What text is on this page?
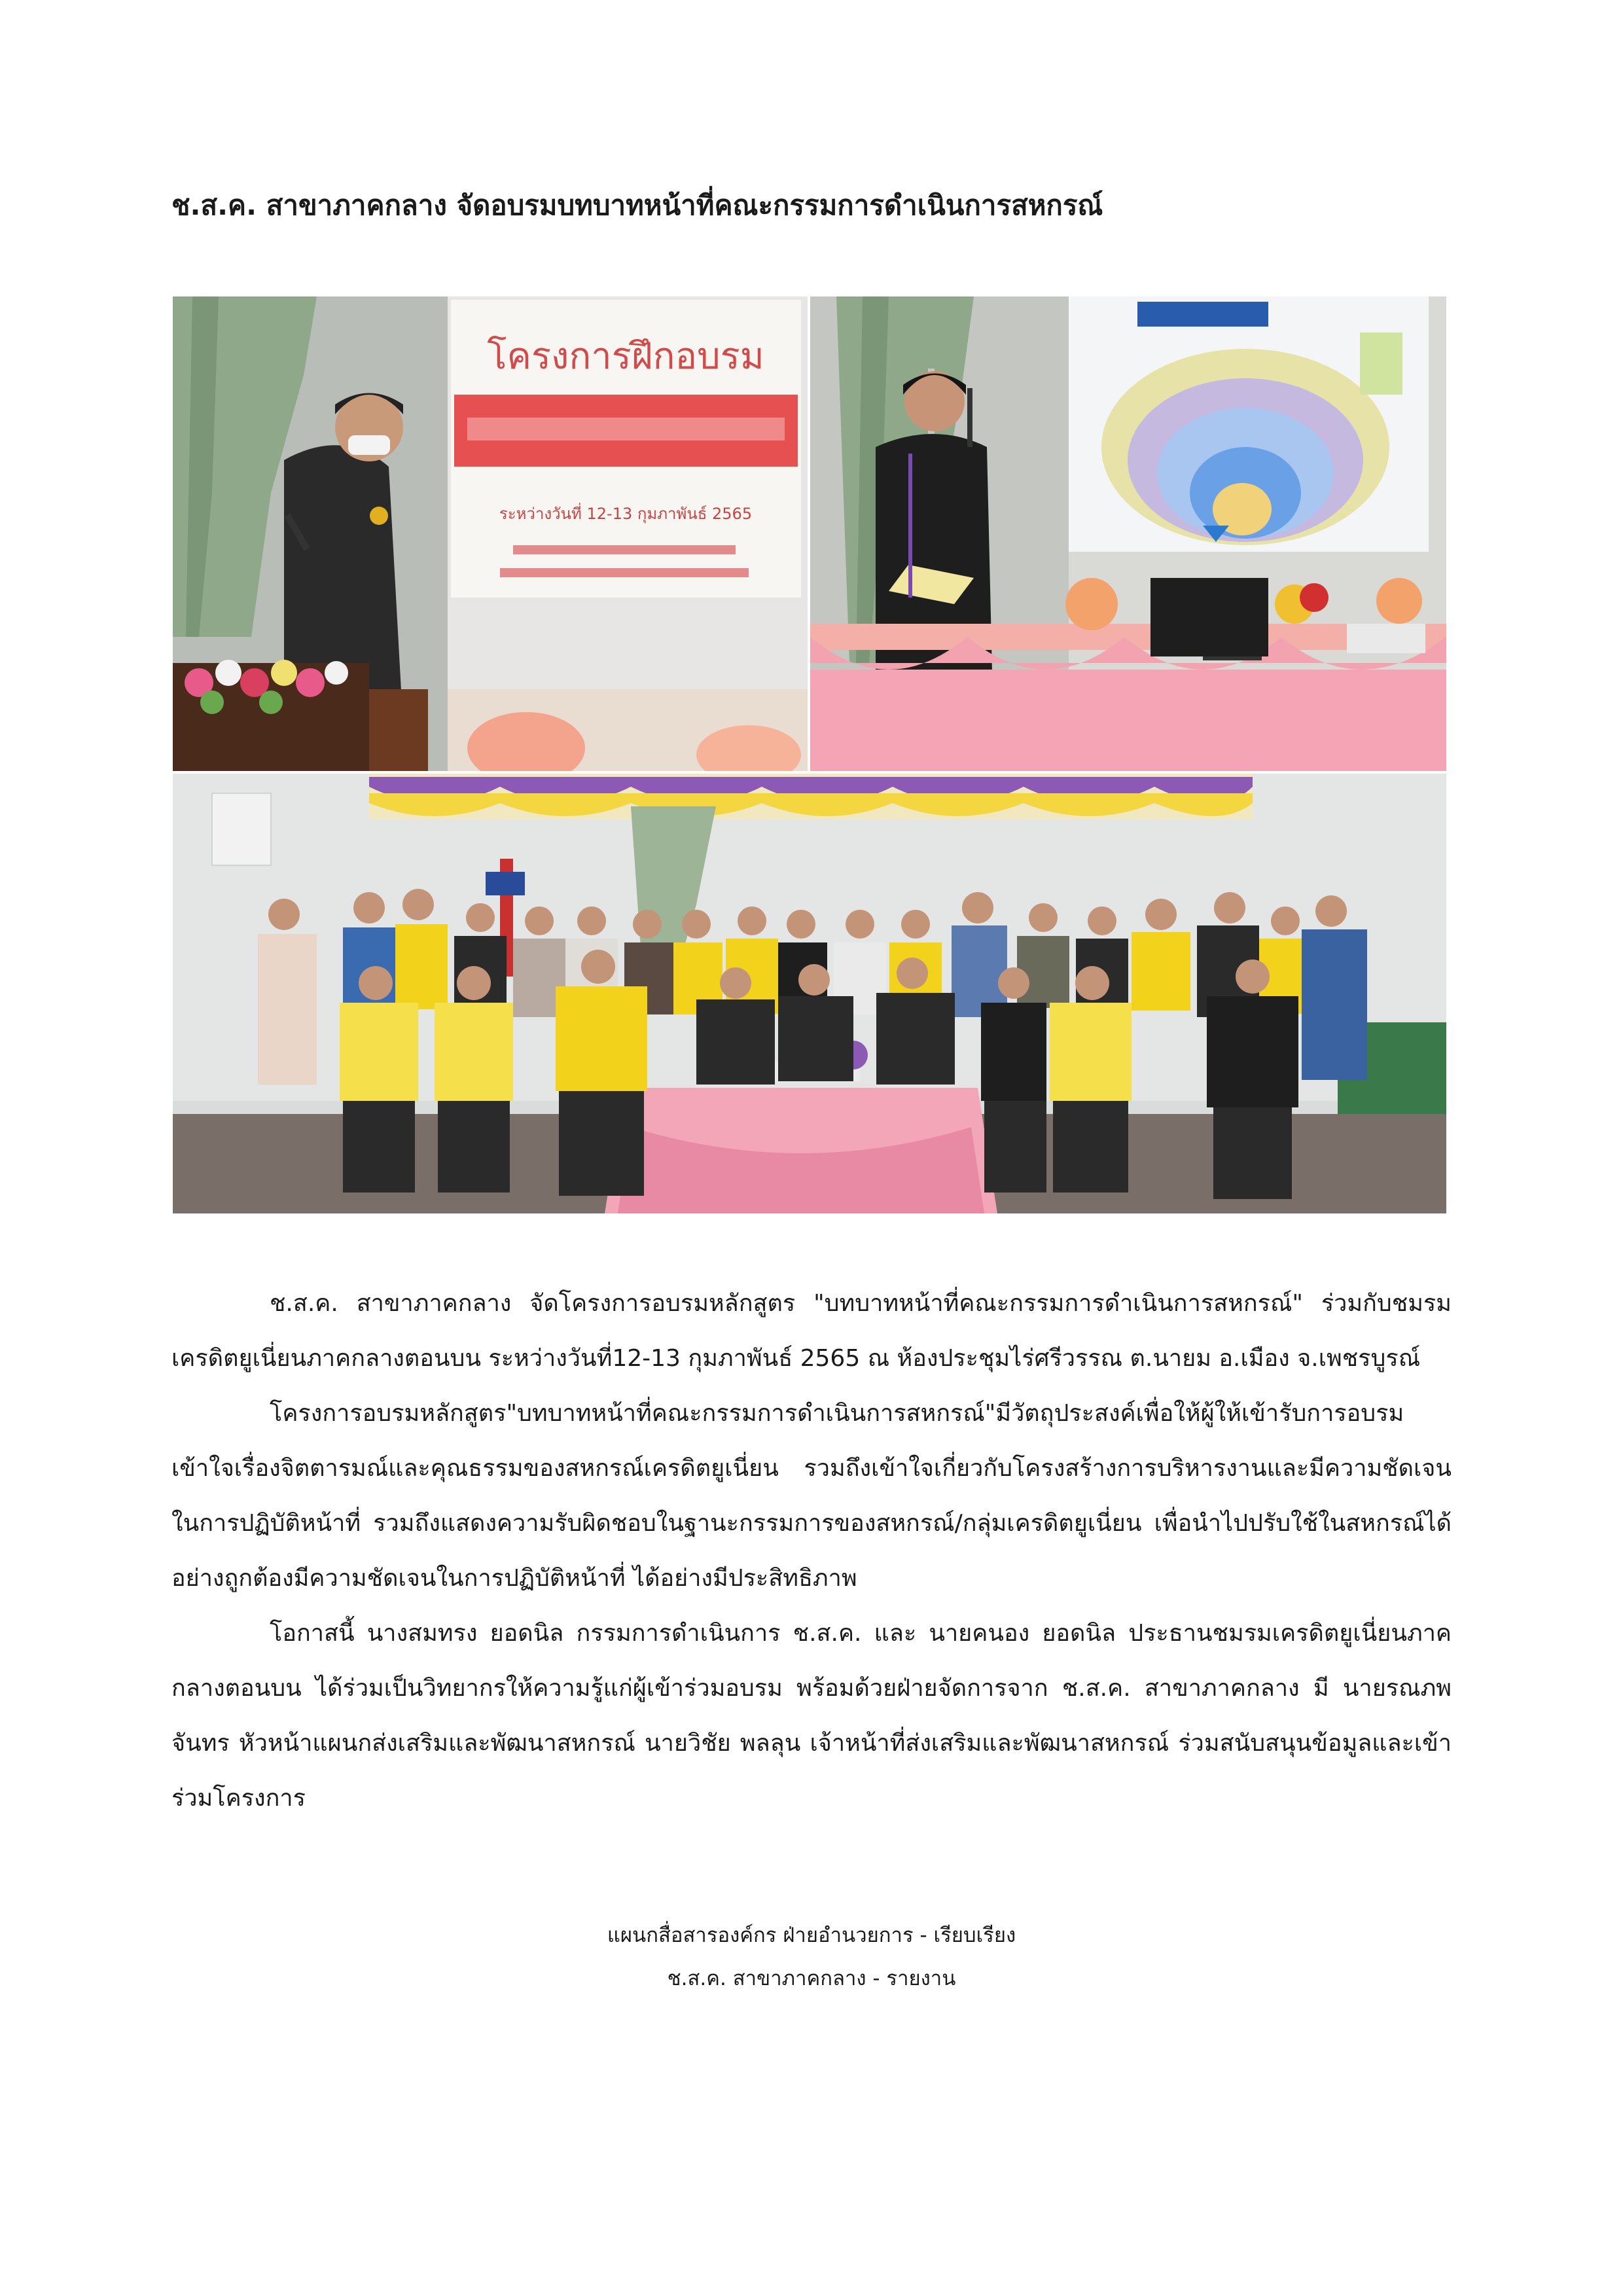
ช.ส.ค. สาขาภาคกลาง จัดอบรมบทบาทหน้าที่คณะกรรมการดำเนินการสหกรณ์
โครงการฝึกอบรม
ระหว่างวันที่ 12-13 กุมภาพันธ์ 2565

ช.ส.ค. สาขาภาคกลาง จัดโครงการอบรมหลักสูตร "บทบาทหน้าที่คณะกรรมการดำเนินการสหกรณ์" ร่วมกับชมรมเครดิตยูเนี่ยนภาคกลางตอนบน ระหว่างวันที่12-13 กุมภาพันธ์ 2565 ณ ห้องประชุมไร่ศรีวรรณ ต.นายม อ.เมือง จ.เพชรบูรณ์

โครงการอบรมหลักสูตร"บทบาทหน้าที่คณะกรรมการดำเนินการสหกรณ์"มีวัตถุประสงค์เพื่อให้ผู้ให้เข้ารับการอบรม เข้าใจเรื่องจิตตารมณ์และคุณธรรมของสหกรณ์เครดิตยูเนี่ยน รวมถึงเข้าใจเกี่ยวกับโครงสร้างการบริหารงานและมีความชัดเจนในการปฏิบัติหน้าที่ รวมถึงแสดงความรับผิดชอบในฐานะกรรมการของสหกรณ์/กลุ่มเครดิตยูเนี่ยน เพื่อนำไปปรับใช้ในสหกรณ์ได้อย่างถูกต้องมีความชัดเจนในการปฏิบัติหน้าที่ ได้อย่างมีประสิทธิภาพ

โอกาสนี้ นางสมทรง ยอดนิล กรรมการดำเนินการ ช.ส.ค. และ นายคนอง ยอดนิล ประธานชมรมเครดิตยูเนี่ยนภาคกลางตอนบน ได้ร่วมเป็นวิทยากรให้ความรู้แก่ผู้เข้าร่วมอบรม พร้อมด้วยฝ่ายจัดการจาก ช.ส.ค. สาขาภาคกลาง มี นายรณภพ จันทร หัวหน้าแผนกส่งเสริมและพัฒนาสหกรณ์ นายวิชัย พลลุน เจ้าหน้าที่ส่งเสริมและพัฒนาสหกรณ์ ร่วมสนับสนุนข้อมูลและเข้าร่วมโครงการ

แผนกสื่อสารองค์กร ฝ่ายอำนวยการ - เรียบเรียง
ช.ส.ค. สาขาภาคกลาง - รายงาน
